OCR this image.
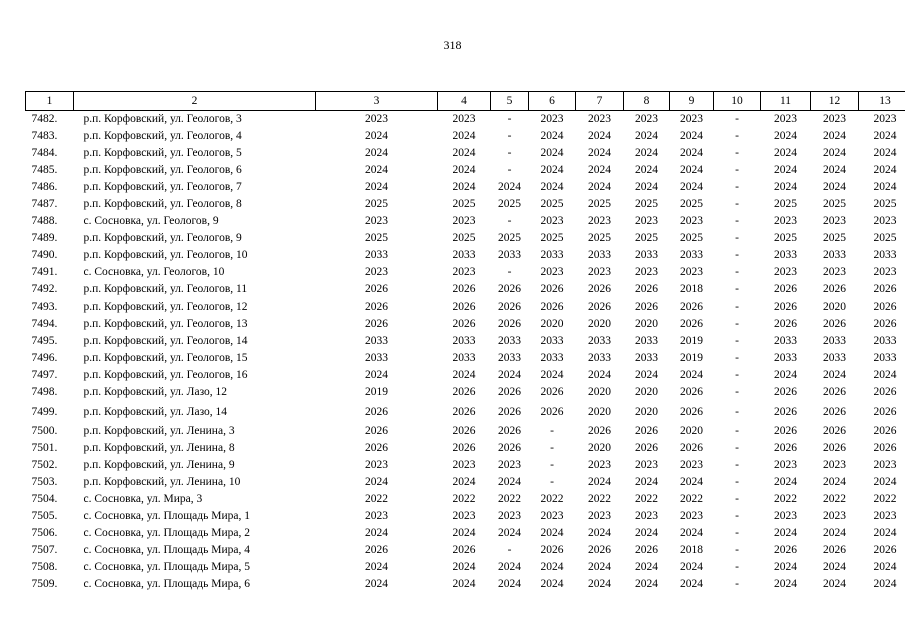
318
1	2	3	4	5	6	7	8	9	10	11	12	13
7482.	р.п. Корфовский, ул. Геологов, 3	2023	2023	-	2023	2023	2023	2023	-	2023	2023	2023
7483.	р.п. Корфовский, ул. Геологов, 4	2024	2024	-	2024	2024	2024	2024	-	2024	2024	2024
7484.	р.п. Корфовский, ул. Геологов, 5	2024	2024	-	2024	2024	2024	2024	-	2024	2024	2024
7485.	р.п. Корфовский, ул. Геологов, 6	2024	2024	-	2024	2024	2024	2024	-	2024	2024	2024
7486.	р.п. Корфовский, ул. Геологов, 7	2024	2024	2024	2024	2024	2024	2024	-	2024	2024	2024
7487.	р.п. Корфовский, ул. Геологов, 8	2025	2025	2025	2025	2025	2025	2025	-	2025	2025	2025
7488.	с. Сосновка, ул. Геологов, 9	2023	2023	-	2023	2023	2023	2023	-	2023	2023	2023
7489.	р.п. Корфовский, ул. Геологов, 9	2025	2025	2025	2025	2025	2025	2025	-	2025	2025	2025
7490.	р.п. Корфовский, ул. Геологов, 10	2033	2033	2033	2033	2033	2033	2033	-	2033	2033	2033
7491.	с. Сосновка, ул. Геологов, 10	2023	2023	-	2023	2023	2023	2023	-	2023	2023	2023
7492.	р.п. Корфовский, ул. Геологов, 11	2026	2026	2026	2026	2026	2026	2018	-	2026	2026	2026
7493.	р.п. Корфовский, ул. Геологов, 12	2026	2026	2026	2026	2026	2026	2026	-	2026	2020	2026
7494.	р.п. Корфовский, ул. Геологов, 13	2026	2026	2026	2020	2020	2020	2026	-	2026	2026	2026
7495.	р.п. Корфовский, ул. Геологов, 14	2033	2033	2033	2033	2033	2033	2019	-	2033	2033	2033
7496.	р.п. Корфовский, ул. Геологов, 15	2033	2033	2033	2033	2033	2033	2019	-	2033	2033	2033
7497.	р.п. Корфовский, ул. Геологов, 16	2024	2024	2024	2024	2024	2024	2024	-	2024	2024	2024
7498.	р.п. Корфовский, ул. Лазо, 12	2019	2026	2026	2026	2020	2020	2026	-	2026	2026	2026
7499.	р.п. Корфовский, ул. Лазо, 14	2026	2026	2026	2026	2020	2020	2026	-	2026	2026	2026
7500.	р.п. Корфовский, ул. Ленина, 3	2026	2026	2026	-	2026	2026	2020	-	2026	2026	2026
7501.	р.п. Корфовский, ул. Ленина, 8	2026	2026	2026	-	2020	2026	2026	-	2026	2026	2026
7502.	р.п. Корфовский, ул. Ленина, 9	2023	2023	2023	-	2023	2023	2023	-	2023	2023	2023
7503.	р.п. Корфовский, ул. Ленина, 10	2024	2024	2024	-	2024	2024	2024	-	2024	2024	2024
7504.	с. Сосновка, ул. Мира, 3	2022	2022	2022	2022	2022	2022	2022	-	2022	2022	2022
7505.	с. Сосновка, ул. Площадь Мира, 1	2023	2023	2023	2023	2023	2023	2023	-	2023	2023	2023
7506.	с. Сосновка, ул. Площадь Мира, 2	2024	2024	2024	2024	2024	2024	2024	-	2024	2024	2024
7507.	с. Сосновка, ул. Площадь Мира, 4	2026	2026	-	2026	2026	2026	2018	-	2026	2026	2026
7508.	с. Сосновка, ул. Площадь Мира, 5	2024	2024	2024	2024	2024	2024	2024	-	2024	2024	2024
7509.	с. Сосновка, ул. Площадь Мира, 6	2024	2024	2024	2024	2024	2024	2024	-	2024	2024	2024
